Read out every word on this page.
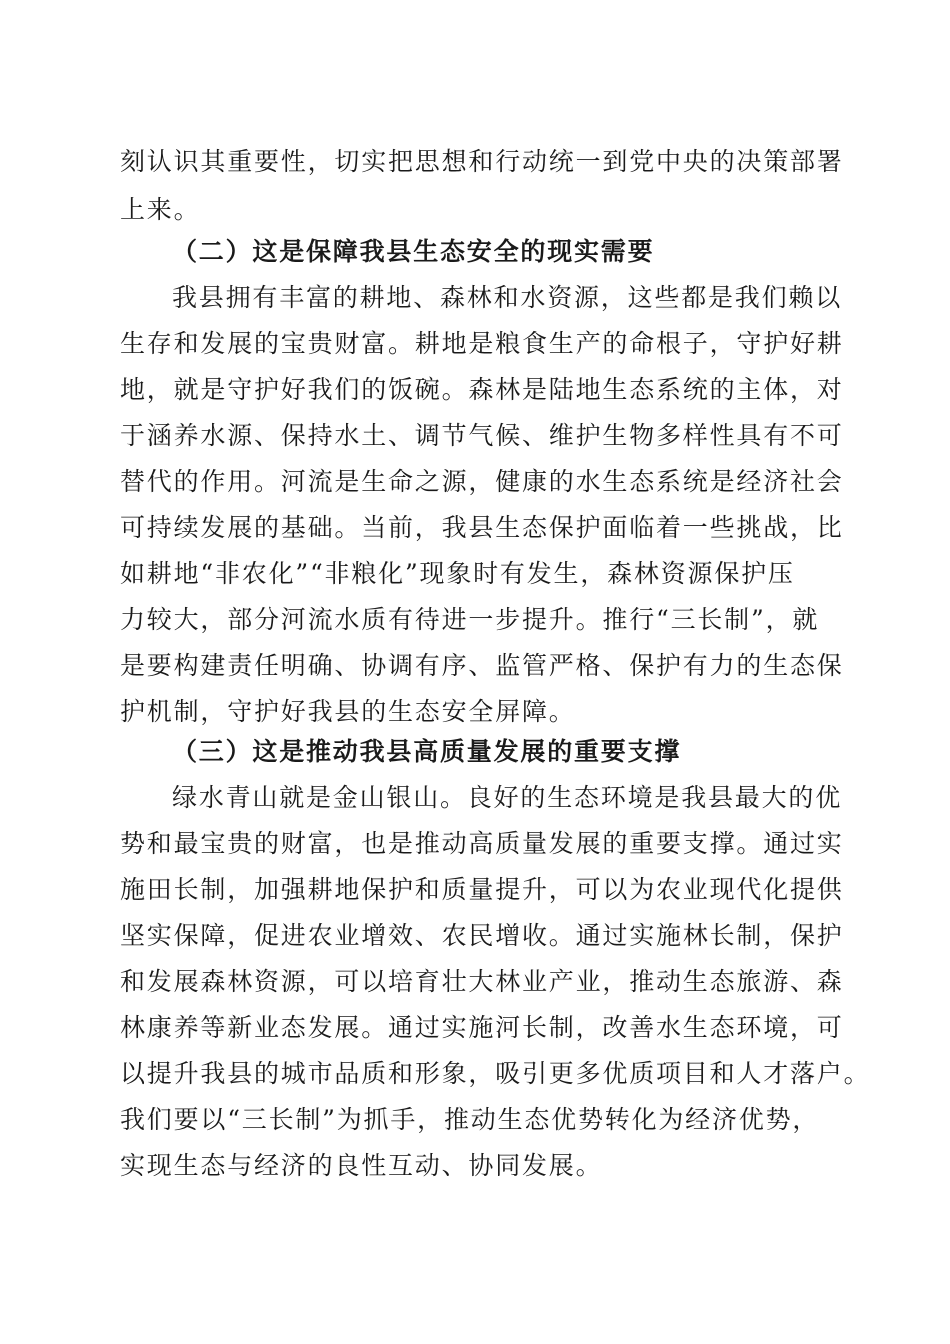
刻认识其重要性，切实把思想和行动统一到党中央的决策部署
上来。
（二）这是保障我县生态安全的现实需要
我县拥有丰富的耕地、森林和水资源，这些都是我们赖以
生存和发展的宝贵财富。耕地是粮食生产的命根子，守护好耕
地，就是守护好我们的饭碗。森林是陆地生态系统的主体，对
于涵养水源、保持水土、调节气候、维护生物多样性具有不可
替代的作用。河流是生命之源，健康的水生态系统是经济社会
可持续发展的基础。当前，我县生态保护面临着一些挑战，比
如耕地“非农化”“非粮化”现象时有发生，森林资源保护压
力较大，部分河流水质有待进一步提升。推行“三长制”，就
是要构建责任明确、协调有序、监管严格、保护有力的生态保
护机制，守护好我县的生态安全屏障。
（三）这是推动我县高质量发展的重要支撑
绿水青山就是金山银山。良好的生态环境是我县最大的优
势和最宝贵的财富，也是推动高质量发展的重要支撑。通过实
施田长制，加强耕地保护和质量提升，可以为农业现代化提供
坚实保障，促进农业增效、农民增收。通过实施林长制，保护
和发展森林资源，可以培育壮大林业产业，推动生态旅游、森
林康养等新业态发展。通过实施河长制，改善水生态环境，可
以提升我县的城市品质和形象，吸引更多优质项目和人才落户。
我们要以“三长制”为抓手，推动生态优势转化为经济优势，
实现生态与经济的良性互动、协同发展。
